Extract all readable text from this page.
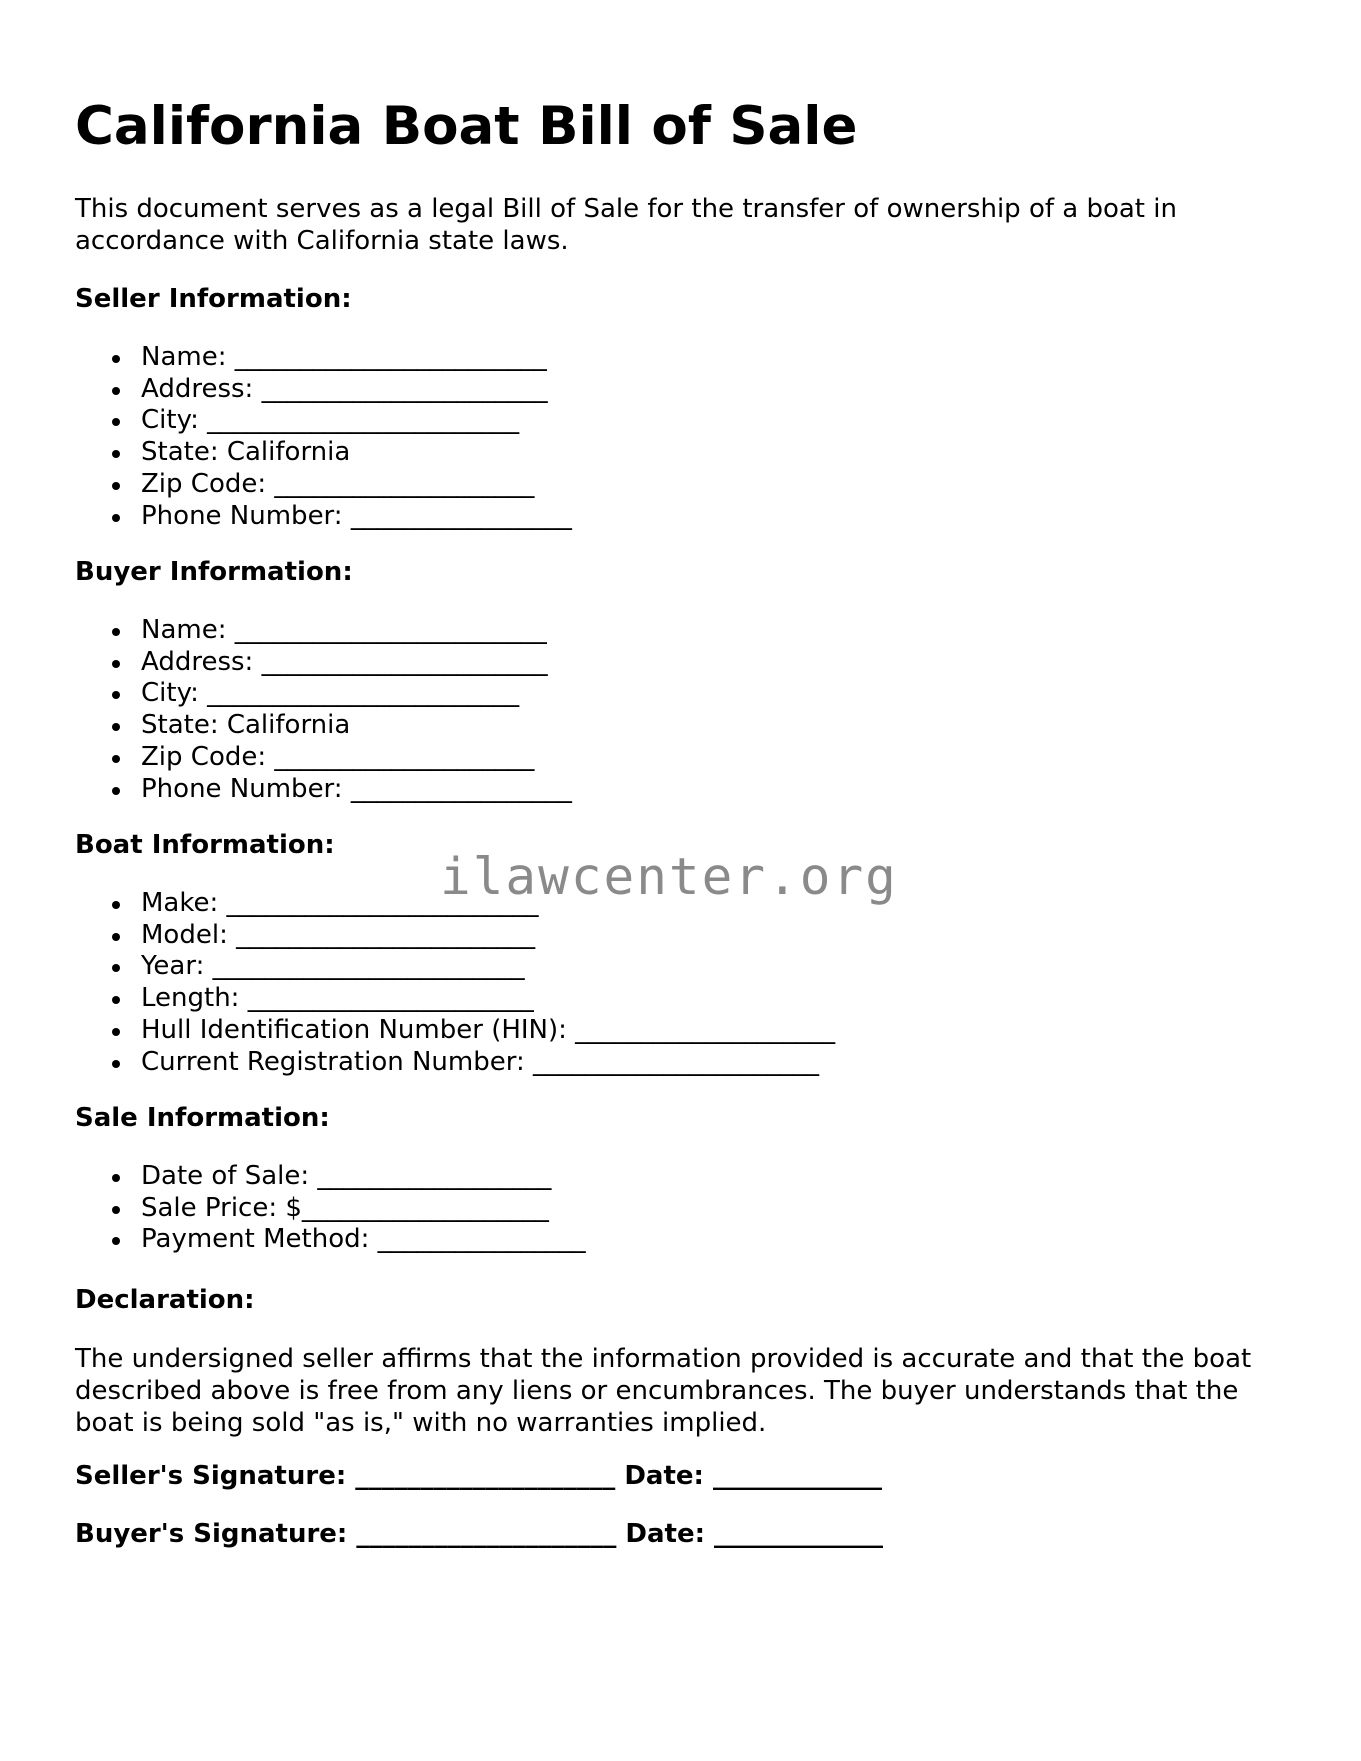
California Boat Bill of Sale

This document serves as a legal Bill of Sale for the transfer of ownership of a boat in accordance with California state laws.

Seller Information:
Name: ________________________
Address: ______________________
City: ________________________
State: California
Zip Code: ____________________
Phone Number: _________________
Buyer Information:
Name: ________________________
Address: ______________________
City: ________________________
State: California
Zip Code: ____________________
Phone Number: _________________
Boat Information:
Make: ________________________
Model: _______________________
Year: ________________________
Length: ______________________
Hull Identification Number (HIN): ____________________
Current Registration Number: ______________________
Sale Information:
Date of Sale: __________________
Sale Price: $___________________
Payment Method: ________________
Declaration:

The undersigned seller affirms that the information provided is accurate and that the boat described above is free from any liens or encumbrances. The buyer understands that the boat is being sold "as is," with no warranties implied.

Seller's Signature: ____________________ Date: _____________
Buyer's Signature: ____________________ Date: _____________
ilawcenter.org
